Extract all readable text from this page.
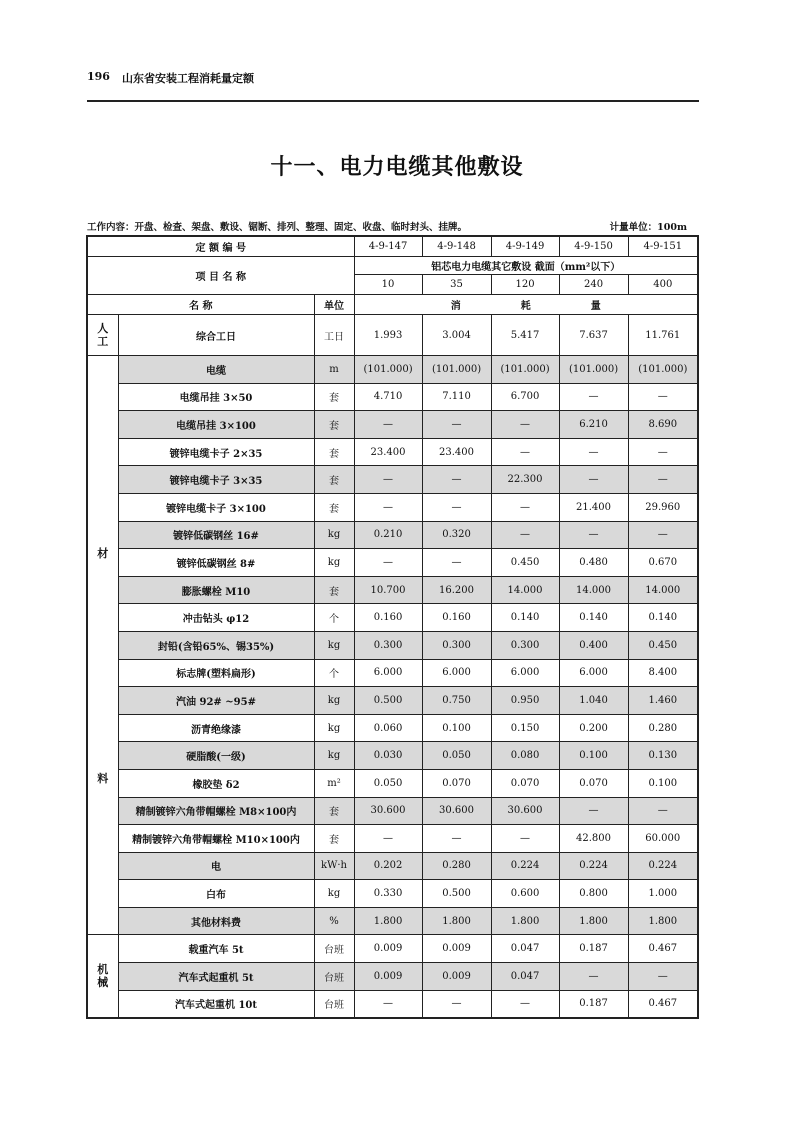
196 山东省安装工程消耗量定额
十一、电力电缆其他敷设
工作内容：开盘、检查、架盘、敷设、锯断、排列、整理、固定、收盘、临时封头、挂牌。	计量单位：100m
定 额 编 号			4-9-147	4-9-148	4-9-149	4-9-150	4-9-151
项 目 名 称			铝芯电力电缆其它敷设 截面（mm²以下）				
			10	35	120	240	400
名 称		单位	消 耗 量				

人工	综合工日	工日	1.993	3.004	5.417	7.637	11.761

材
料	电缆	m	(101.000)	(101.000)	(101.000)	(101.000)	(101.000)
	电缆吊挂 3×50	套	4.710	7.110	6.700	—	—
	电缆吊挂 3×100	套	—	—	—	6.210	8.690
	镀锌电缆卡子 2×35	套	23.400	23.400	—	—	—
	镀锌电缆卡子 3×35	套	—	—	22.300	—	—
	镀锌电缆卡子 3×100	套	—	—	—	21.400	29.960
	镀锌低碳钢丝 16#	kg	0.210	0.320	—	—	—
	镀锌低碳钢丝 8#	kg	—	—	0.450	0.480	0.670
	膨胀螺栓 M10	套	10.700	16.200	14.000	14.000	14.000
	冲击钻头 φ12	个	0.160	0.160	0.140	0.140	0.140
	封铅(含铅65%、锡35%)	kg	0.300	0.300	0.300	0.400	0.450
	标志牌(塑料扁形)	个	6.000	6.000	6.000	6.000	8.400
	汽油 92# ~95#	kg	0.500	0.750	0.950	1.040	1.460
	沥青绝缘漆	kg	0.060	0.100	0.150	0.200	0.280
	硬脂酸(一级)	kg	0.030	0.050	0.080	0.100	0.130
	橡胶垫 δ2	m²	0.050	0.070	0.070	0.070	0.100
	精制镀锌六角带帽螺栓 M8×100内	套	30.600	30.600	30.600	—	—
	精制镀锌六角带帽螺栓 M10×100内	套	—	—	—	42.800	60.000
	电	kW·h	0.202	0.280	0.224	0.224	0.224
	白布	kg	0.330	0.500	0.600	0.800	1.000
	其他材料费	%	1.800	1.800	1.800	1.800	1.800

机
械	载重汽车 5t	台班	0.009	0.009	0.047	0.187	0.467
	汽车式起重机 5t	台班	0.009	0.009	0.047	—	—
	汽车式起重机 10t	台班	—	—	—	0.187	0.467
